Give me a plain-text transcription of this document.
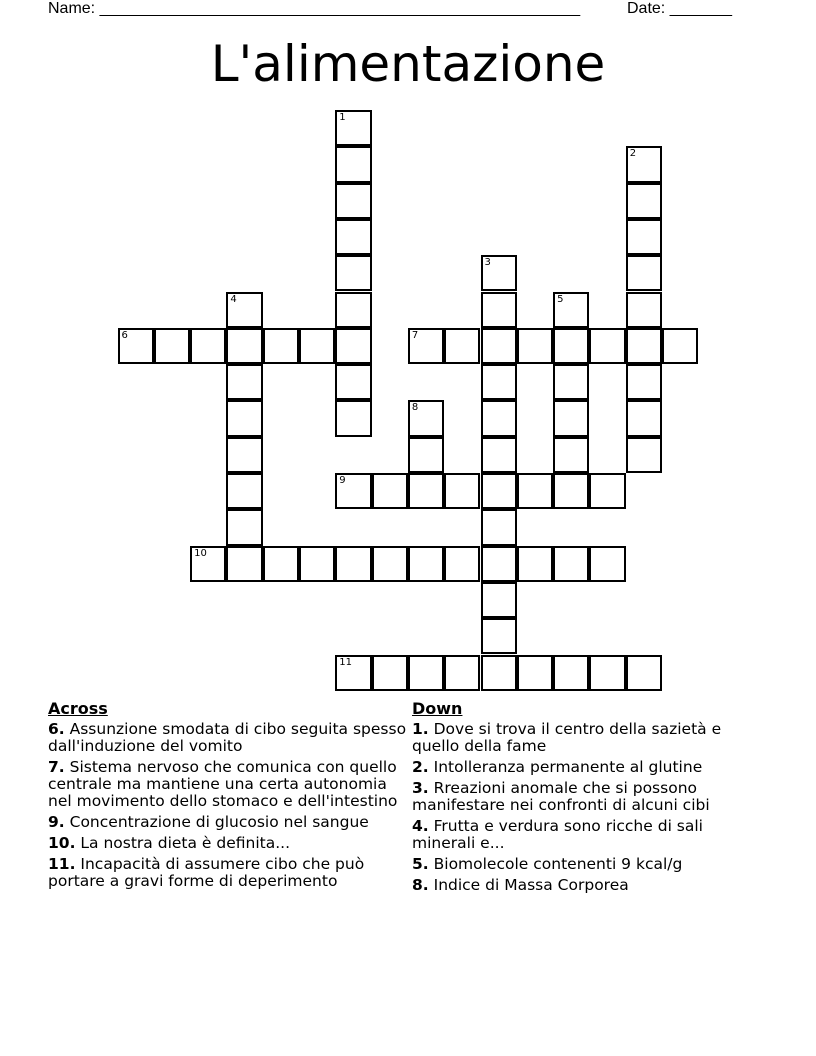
Name: ______________________________________________________	Date: _______
L'alimentazione
1
2
3
4	5
6	7
8
9
10
11
Across
6. Assunzione smodata di cibo seguita spesso dall'induzione del vomito
7. Sistema nervoso che comunica con quello centrale ma mantiene una certa autonomia nel movimento dello stomaco e dell'intestino
9. Concentrazione di glucosio nel sangue
10. La nostra dieta è definita...
11. Incapacità di assumere cibo che può portare a gravi forme di deperimento
Down
1. Dove si trova il centro della sazietà e quello della fame
2. Intolleranza permanente al glutine
3. Rreazioni anomale che si possono manifestare nei confronti di alcuni cibi
4. Frutta e verdura sono ricche di sali minerali e...
5. Biomolecole contenenti 9 kcal/g
8. Indice di Massa Corporea
